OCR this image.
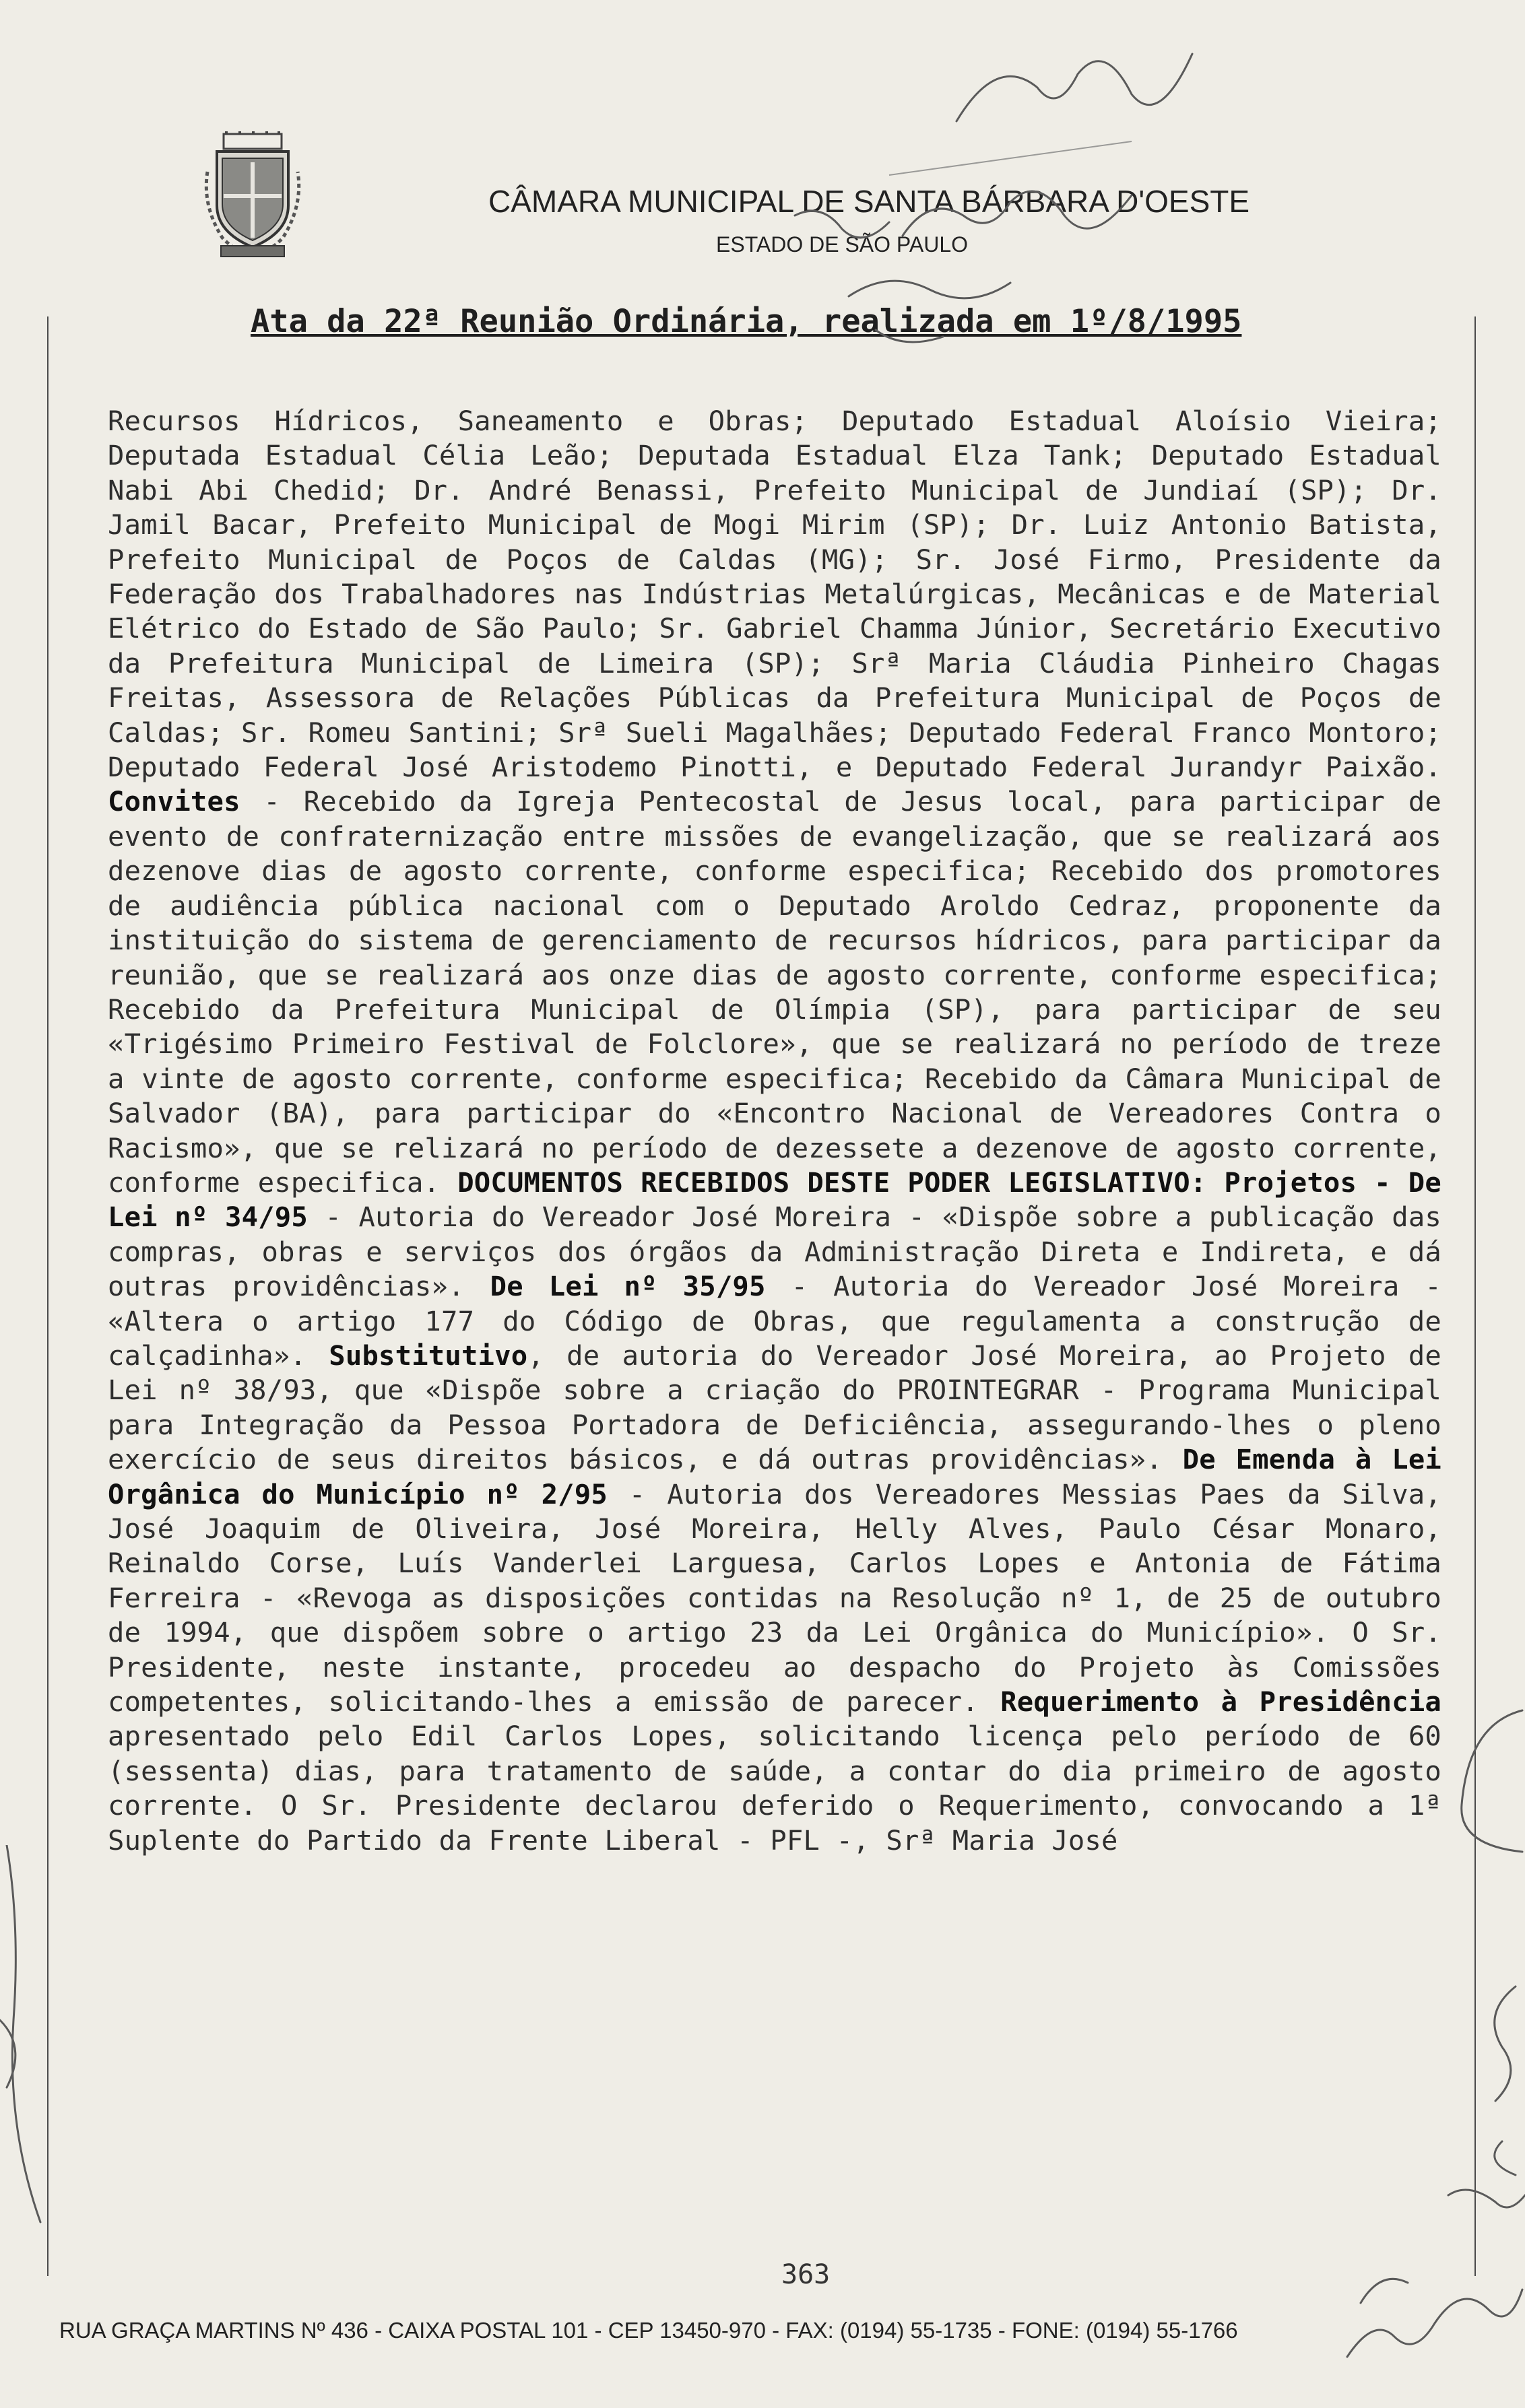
CÂMARA MUNICIPAL DE SANTA BÁRBARA D'OESTE
ESTADO DE SÃO PAULO
Ata da 22ª Reunião Ordinária, realizada em 1º/8/1995
Recursos Hídricos, Saneamento e Obras; Deputado Estadual Aloísio Vieira; Deputada Estadual Célia Leão; Deputada Estadual Elza Tank; Deputado Estadual Nabi Abi Chedid; Dr. André Benassi, Prefeito Municipal de Jundiaí (SP); Dr. Jamil Bacar, Prefeito Municipal de Mogi Mirim (SP); Dr. Luiz Antonio Batista, Prefeito Municipal de Poços de Caldas (MG); Sr. José Firmo, Presidente da Federação dos Trabalhadores nas Indústrias Metalúrgicas, Mecânicas e de Material Elétrico do Estado de São Paulo; Sr. Gabriel Chamma Júnior, Secretário Executivo da Prefeitura Municipal de Limeira (SP); Srª Maria Cláudia Pinheiro Chagas Freitas, Assessora de Relações Públicas da Prefeitura Municipal de Poços de Caldas; Sr. Romeu Santini; Srª Sueli Magalhães; Deputado Federal Franco Montoro; Deputado Federal José Aristodemo Pinotti, e Deputado Federal Jurandyr Paixão. Convites - Recebido da Igreja Pentecostal de Jesus local, para participar de evento de confraternização entre missões de evangelização, que se realizará aos dezenove dias de agosto corrente, conforme especifica; Recebido dos promotores de audiência pública nacional com o Deputado Aroldo Cedraz, proponente da instituição do sistema de gerenciamento de recursos hídricos, para participar da reunião, que se realizará aos onze dias de agosto corrente, conforme especifica; Recebido da Prefeitura Municipal de Olímpia (SP), para participar de seu «Trigésimo Primeiro Festival de Folclore», que se realizará no período de treze a vinte de agosto corrente, conforme especifica; Recebido da Câmara Municipal de Salvador (BA), para participar do «Encontro Nacional de Vereadores Contra o Racismo», que se relizará no período de dezessete a dezenove de agosto corrente, conforme especifica. DOCUMENTOS RECEBIDOS DESTE PODER LEGISLATIVO: Projetos - De Lei nº 34/95 - Autoria do Vereador José Moreira - «Dispõe sobre a publicação das compras, obras e serviços dos órgãos da Administração Direta e Indireta, e dá outras providências». De Lei nº 35/95 - Autoria do Vereador José Moreira - «Altera o artigo 177 do Código de Obras, que regulamenta a construção de calçadinha». Substitutivo, de autoria do Vereador José Moreira, ao Projeto de Lei nº 38/93, que «Dispõe sobre a criação do PROINTEGRAR - Programa Municipal para Integração da Pessoa Portadora de Deficiência, assegurando-lhes o pleno exercício de seus direitos básicos, e dá outras providências». De Emenda à Lei Orgânica do Município nº 2/95 - Autoria dos Vereadores Messias Paes da Silva, José Joaquim de Oliveira, José Moreira, Helly Alves, Paulo César Monaro, Reinaldo Corse, Luís Vanderlei Larguesa, Carlos Lopes e Antonia de Fátima Ferreira - «Revoga as disposições contidas na Resolução nº 1, de 25 de outubro de 1994, que dispõem sobre o artigo 23 da Lei Orgânica do Município». O Sr. Presidente, neste instante, procedeu ao despacho do Projeto às Comissões competentes, solicitando-lhes a emissão de parecer. Requerimento à Presidência apresentado pelo Edil Carlos Lopes, solicitando licença pelo período de 60 (sessenta) dias, para tratamento de saúde, a contar do dia primeiro de agosto corrente. O Sr. Presidente declarou deferido o Requerimento, convocando a 1ª Suplente do Partido da Frente Liberal - PFL -, Srª Maria José
363
RUA GRAÇA MARTINS Nº 436 - CAIXA POSTAL 101 - CEP 13450-970 - FAX: (0194) 55-1735 - FONE: (0194) 55-1766
